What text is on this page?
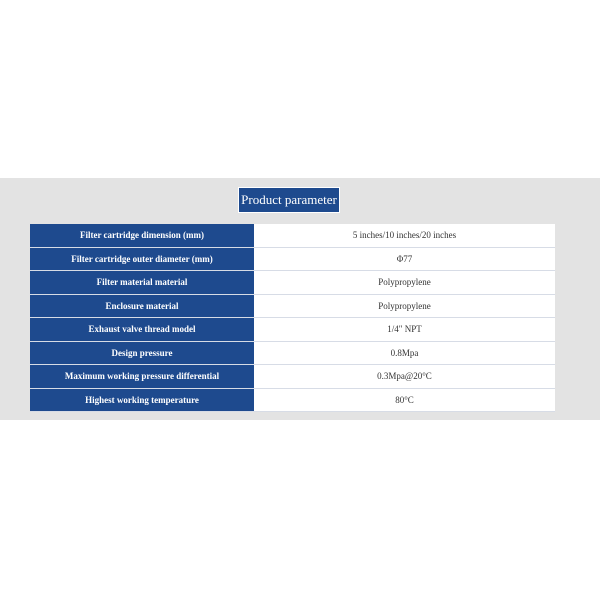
Product parameter
Filter cartridge dimension (mm)	5 inches/10 inches/20 inches
Filter cartridge outer diameter (mm)	Φ77
Filter material material	Polypropylene
Enclosure material	Polypropylene
Exhaust valve thread model	1/4" NPT
Design pressure	0.8Mpa
Maximum working pressure differential	0.3Mpa@20°C
Highest working temperature	80°C
